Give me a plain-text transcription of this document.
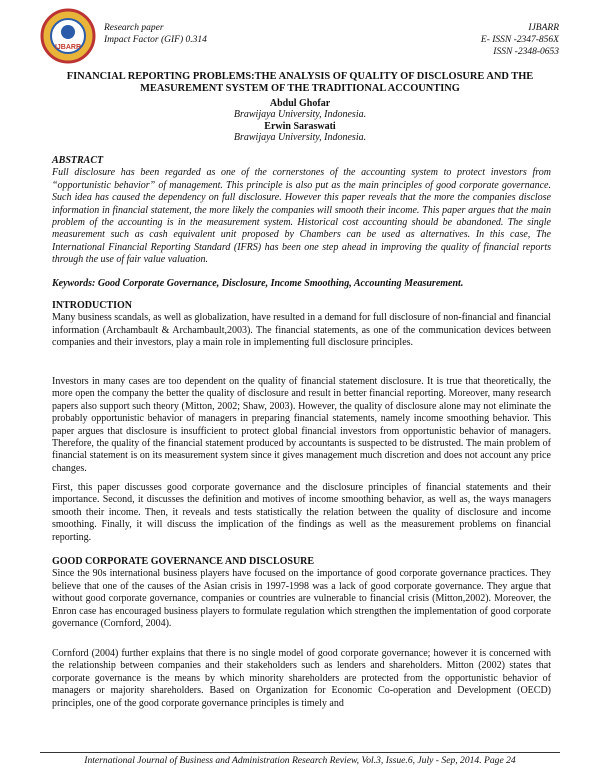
IJBARR
Research paper
Impact Factor (GIF) 0.314
IJBARR
E- ISSN -2347-856X
ISSN -2348-0653
FINANCIAL REPORTING PROBLEMS:THE ANALYSIS OF QUALITY OF DISCLOSURE AND THE
MEASUREMENT SYSTEM OF THE TRADITIONAL ACCOUNTING
Abdul Ghofar
Brawijaya University, Indonesia.
Erwin Saraswati
Brawijaya University, Indonesia.
ABSTRACT
Full disclosure has been regarded as one of the cornerstones of the accounting system to protect investors from “opportunistic behavior” of management. This principle is also put as the main principles of good corporate governance. Such idea has caused the dependency on full disclosure. However this paper reveals that the more the companies disclose information in financial statement, the more likely the companies will smooth their income. This paper argues that the main problem of the accounting is in the measurement system. Historical cost accounting should be abandoned. The single measurement such as cash equivalent unit proposed by Chambers can be used as alternatives. In this case, The International Financial Reporting Standard (IFRS) has been one step ahead in improving the quality of financial reports through the use of fair value valuation.
Keywords: Good Corporate Governance, Disclosure, Income Smoothing, Accounting Measurement.
INTRODUCTION
Many business scandals, as well as globalization, have resulted in a demand for full disclosure of non-financial and financial information (Archambault & Archambault,2003). The financial statements, as one of the communication devices between companies and their investors, play a main role in implementing full disclosure principles.
Investors in many cases are too dependent on the quality of financial statement disclosure. It is true that theoretically, the more open the company the better the quality of disclosure and result in better financial reporting. Moreover, many research papers also support such theory (Mitton, 2002; Shaw, 2003). However, the quality of disclosure alone may not eliminate the probably opportunistic behavior of managers in preparing financial statements, namely income smoothing behavior. This paper argues that disclosure is insufficient to protect global financial investors from opportunistic behavior of managers. Therefore, the quality of the financial statement produced by accountants is suspected to be distrusted. The main problem of financial statement is on its measurement system since it gives management much discretion and does not account any price changes.
First, this paper discusses good corporate governance and the disclosure principles of financial statements and their importance. Second, it discusses the definition and motives of income smoothing behavior, as well as, the ways managers smooth their income. Then, it reveals and tests statistically the relation between the quality of disclosure and income smoothing. Finally, it will discuss the implication of the findings as well as the measurement problems on financial reporting.
GOOD CORPORATE GOVERNANCE AND DISCLOSURE
Since the 90s international business players have focused on the importance of good corporate governance practices. They believe that one of the causes of the Asian crisis in 1997-1998 was a lack of good corporate governance. They argue that without good corporate governance, companies or countries are vulnerable to financial crisis (Mitton,2002). Moreover, the Enron case has encouraged business players to formulate regulation which strengthen the implementation of good corporate governance (Cornford, 2004).
Cornford (2004) further explains that there is no single model of good corporate governance; however it is concerned with the relationship between companies and their stakeholders such as lenders and shareholders. Mitton (2002) states that corporate governance is the means by which minority shareholders are protected from the opportunistic behavior of managers or majority shareholders. Based on Organization for Economic Co-operation and Development (OECD) principles, one of the good corporate governance principles is timely and
International Journal of Business and Administration Research Review, Vol.3, Issue.6, July - Sep, 2014. Page 24
